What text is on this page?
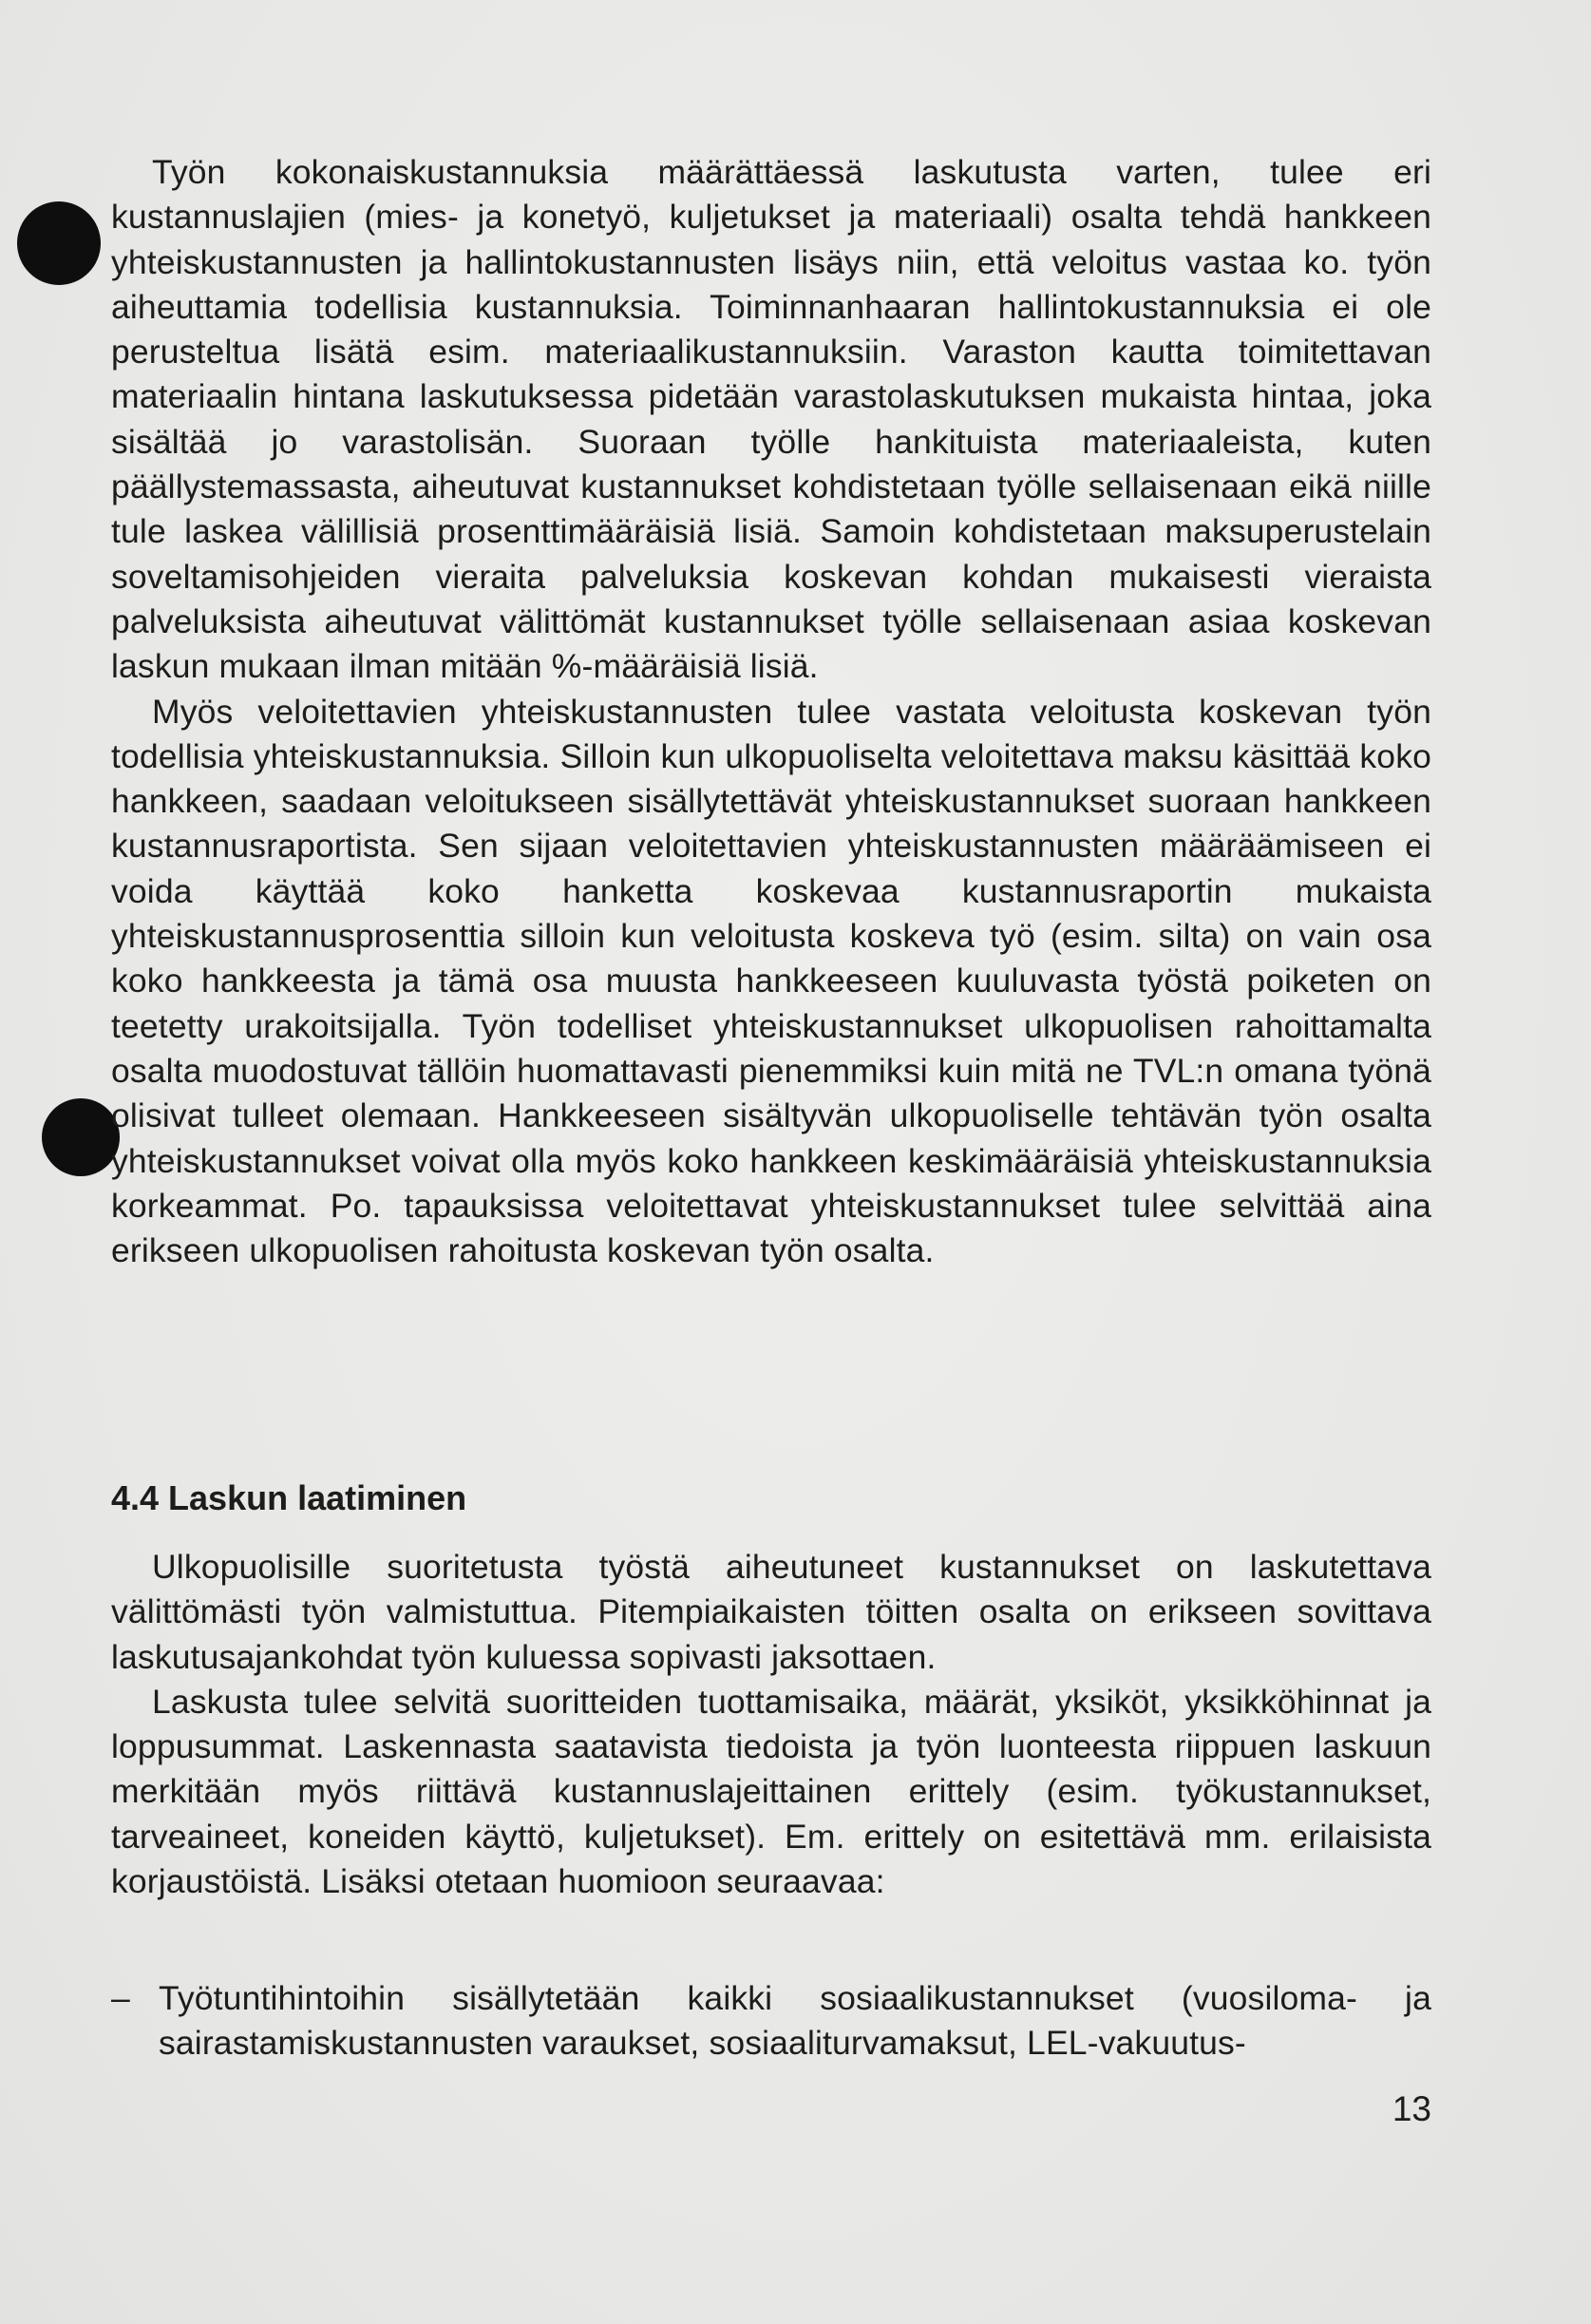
Työn kokonaiskustannuksia määrättäessä laskutusta varten, tulee eri kustannuslajien (mies- ja konetyö, kuljetukset ja materiaali) osalta tehdä hankkeen yhteiskustannusten ja hallintokustannusten lisäys niin, että veloitus vastaa ko. työn aiheuttamia todellisia kustannuksia. Toiminnanhaaran hallintokustannuksia ei ole perusteltua lisätä esim. materiaalikustannuksiin. Varaston kautta toimitettavan materiaalin hintana laskutuksessa pidetään varastolaskutuksen mukaista hintaa, joka sisältää jo varastolisän. Suoraan työlle hankituista materiaaleista, kuten päällystemassasta, aiheutuvat kustannukset kohdistetaan työlle sellaisenaan eikä niille tule laskea välillisiä prosenttimääräisiä lisiä. Samoin kohdistetaan maksuperustelain soveltamisohjeiden vieraita palveluksia koskevan kohdan mukaisesti vieraista palveluksista aiheutuvat välittömät kustannukset työlle sellaisenaan asiaa koskevan laskun mukaan ilman mitään %-määräisiä lisiä.

Myös veloitettavien yhteiskustannusten tulee vastata veloitusta koskevan työn todellisia yhteiskustannuksia. Silloin kun ulkopuoliselta veloitettava maksu käsittää koko hankkeen, saadaan veloitukseen sisällytettävät yhteiskustannukset suoraan hankkeen kustannusraportista. Sen sijaan veloitettavien yhteiskustannusten määräämiseen ei voida käyttää koko hanketta koskevaa kustannusraportin mukaista yhteiskustannusprosenttia silloin kun veloitusta koskeva työ (esim. silta) on vain osa koko hankkeesta ja tämä osa muusta hankkeeseen kuuluvasta työstä poiketen on teetetty urakoitsijalla. Työn todelliset yhteiskustannukset ulkopuolisen rahoittamalta osalta muodostuvat tällöin huomattavasti pienemmiksi kuin mitä ne TVL:n omana työnä olisivat tulleet olemaan. Hankkeeseen sisältyvän ulkopuoliselle tehtävän työn osalta yhteiskustannukset voivat olla myös koko hankkeen keskimääräisiä yhteiskustannuksia korkeammat. Po. tapauksissa veloitettavat yhteiskustannukset tulee selvittää aina erikseen ulkopuolisen rahoitusta koskevan työn osalta.

4.4 Laskun laatiminen

Ulkopuolisille suoritetusta työstä aiheutuneet kustannukset on laskutettava välittömästi työn valmistuttua. Pitempiaikaisten töitten osalta on erikseen sovittava laskutusajankohdat työn kuluessa sopivasti jaksottaen.

Laskusta tulee selvitä suoritteiden tuottamisaika, määrät, yksiköt, yksikköhinnat ja loppusummat. Laskennasta saatavista tiedoista ja työn luonteesta riippuen laskuun merkitään myös riittävä kustannuslajeittainen erittely (esim. työkustannukset, tarveaineet, koneiden käyttö, kuljetukset). Em. erittely on esitettävä mm. erilaisista korjaustöistä. Lisäksi otetaan huomioon seuraavaa:

– Työtuntihintoihin sisällytetään kaikki sosiaalikustannukset (vuosiloma- ja sairastamiskustannusten varaukset, sosiaaliturvamaksut, LEL-vakuutus-
13
